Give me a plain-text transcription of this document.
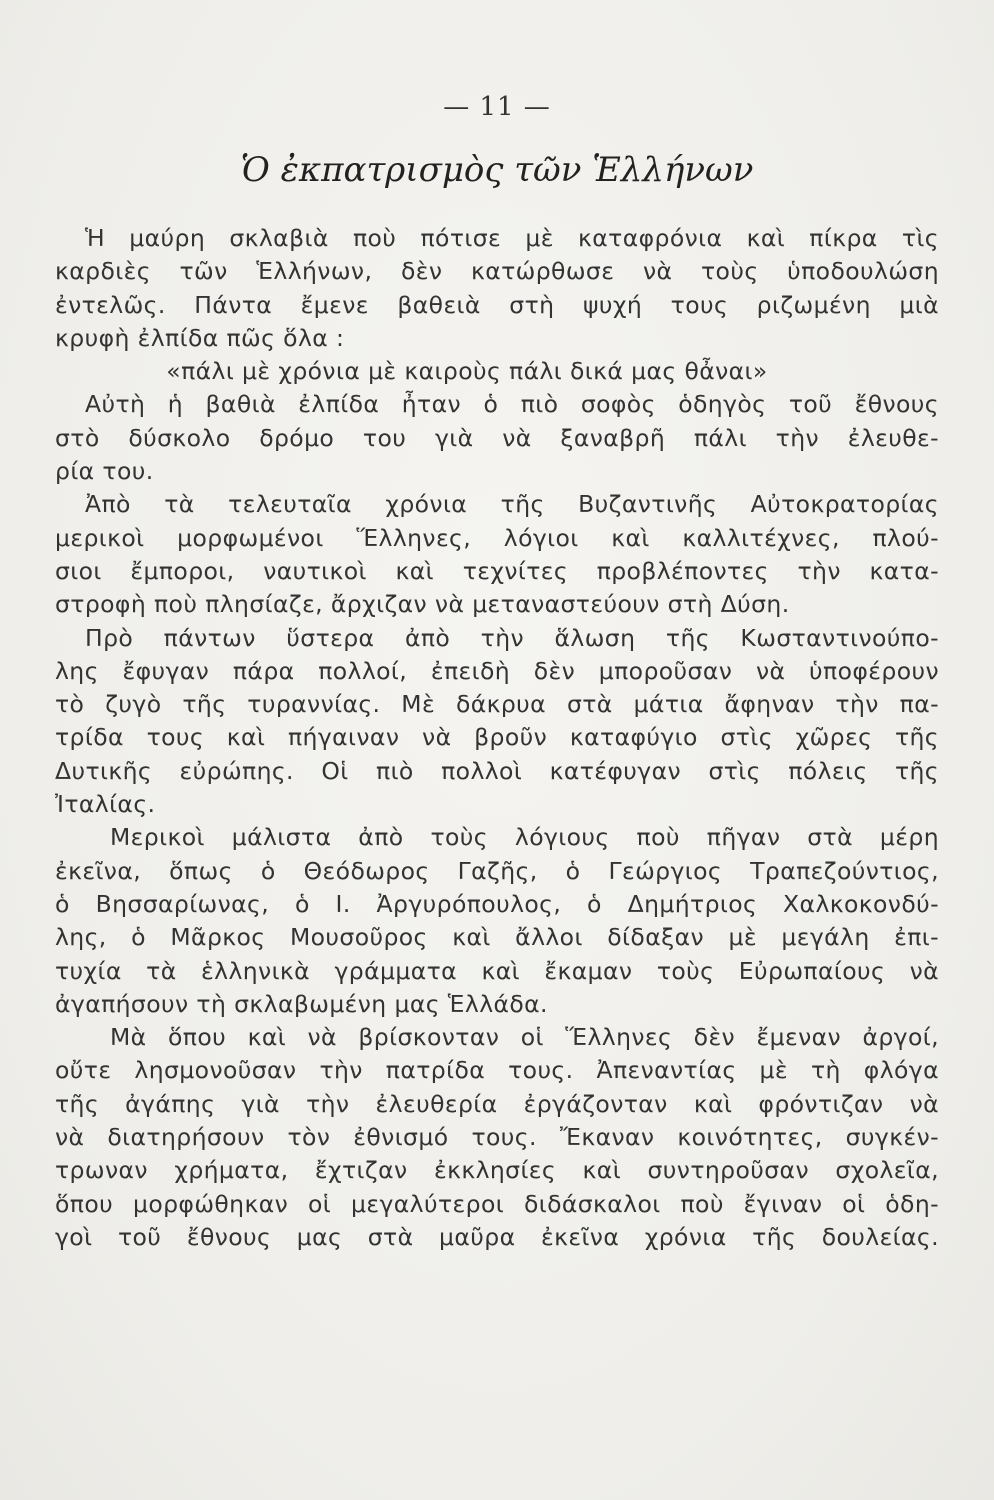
— 11 —
Ὁ ἐκπατρισμὸς τῶν Ἑλλήνων
Ἡ μαύρη σκλαβιὰ ποὺ πότισε μὲ καταφρόνια καὶ πίκρα τὶς
καρδιὲς τῶν Ἑλλήνων, δὲν κατώρθωσε νὰ τοὺς ὑποδουλώση
ἐντελῶς. Πάντα ἔμενε βαθειὰ στὴ ψυχή τους ριζωμένη μιὰ
κρυφὴ ἐλπίδα πῶς ὅλα :
«πάλι μὲ χρόνια μὲ καιροὺς πάλι δικά μας θἆναι»
Αὐτὴ ἡ βαθιὰ ἐλπίδα ἦταν ὁ πιὸ σοφὸς ὁδηγὸς τοῦ ἔθνους
στὸ δύσκολο δρόμο του γιὰ νὰ ξαναβρῆ πάλι τὴν ἐλευθε-
ρία του.
Ἀπὸ τὰ τελευταῖα χρόνια τῆς Βυζαντινῆς Αὐτοκρατορίας
μερικοὶ μορφωμένοι Ἕλληνες, λόγιοι καὶ καλλιτέχνες, πλού-
σιοι ἔμποροι, ναυτικοὶ καὶ τεχνίτες προβλέποντες τὴν κατα-
στροφὴ ποὺ πλησίαζε, ἄρχιζαν νὰ μεταναστεύουν στὴ Δύση.
Πρὸ πάντων ὕστερα ἀπὸ τὴν ἅλωση τῆς Κωσταντινούπο-
λης ἔφυγαν πάρα πολλοί, ἐπειδὴ δὲν μποροῦσαν νὰ ὑποφέρουν
τὸ ζυγὸ τῆς τυραννίας. Μὲ δάκρυα στὰ μάτια ἄφηναν τὴν πα-
τρίδα τους καὶ πήγαιναν νὰ βροῦν καταφύγιο στὶς χῶρες τῆς
Δυτικῆς εὐρώπης. Οἱ πιὸ πολλοὶ κατέφυγαν στὶς πόλεις τῆς
Ἰταλίας.
Μερικοὶ μάλιστα ἀπὸ τοὺς λόγιους ποὺ πῆγαν στὰ μέρη
ἐκεῖνα, ὅπως ὁ Θεόδωρος Γαζῆς, ὁ Γεώργιος Τραπεζούντιος,
ὁ Βησσαρίωνας, ὁ Ι. Ἀργυρόπουλος, ὁ Δημήτριος Χαλκοκονδύ-
λης, ὁ Μᾶρκος Μουσοῦρος καὶ ἄλλοι δίδαξαν μὲ μεγάλη ἐπι-
τυχία τὰ ἑλληνικὰ γράμματα καὶ ἔκαμαν τοὺς Εὐρωπαίους νὰ
ἀγαπήσουν τὴ σκλαβωμένη μας Ἑλλάδα.
Μὰ ὅπου καὶ νὰ βρίσκονταν οἱ Ἕλληνες δὲν ἔμεναν ἀργοί,
οὔτε λησμονοῦσαν τὴν πατρίδα τους. Ἀπεναντίας μὲ τὴ φλόγα
τῆς ἀγάπης γιὰ τὴν ἐλευθερία ἐργάζονταν καὶ φρόντιζαν νὰ
νὰ διατηρήσουν τὸν ἐθνισμό τους. Ἔκαναν κοινότητες, συγκέν-
τρωναν χρήματα, ἔχτιζαν ἐκκλησίες καὶ συντηροῦσαν σχολεῖα,
ὅπου μορφώθηκαν οἱ μεγαλύτεροι διδάσκαλοι ποὺ ἔγιναν οἱ ὁδη-
γοὶ τοῦ ἔθνους μας στὰ μαῦρα ἐκεῖνα χρόνια τῆς δουλείας.
